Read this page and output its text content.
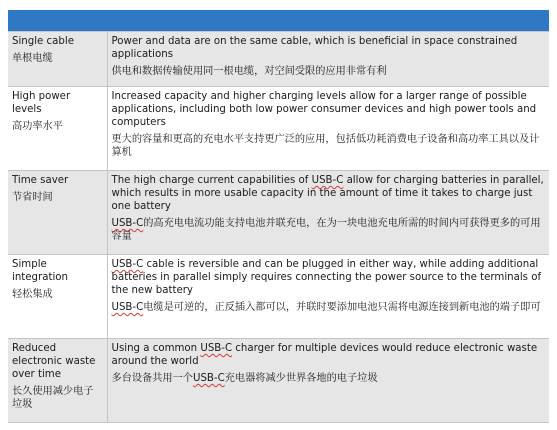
Single cable
单根电缆	Power and data are on the same cable, which is beneficial in space constrained applications
供电和数据传输使用同一根电缆，对空间受限的应用非常有利

High power levels
高功率水平	Increased capacity and higher charging levels allow for a larger range of possible applications, including both low power consumer devices and high power tools and computers
更大的容量和更高的充电水平支持更广泛的应用，包括低功耗消费电子设备和高功率工具以及计算机

Time saver
节省时间	The high charge current capabilities of USB-C allow for charging batteries in parallel, which results in more usable capacity in the amount of time it takes to charge just one battery
USB-C的高充电电流功能支持电池并联充电，在为一块电池充电所需的时间内可获得更多的可用容量

Simple integration
轻松集成	USB-C cable is reversible and can be plugged in either way, while adding additional batteries in parallel simply requires connecting the power source to the terminals of the new battery
USB-C电缆是可逆的，正反插入都可以，并联时要添加电池只需将电源连接到新电池的端子即可

Reduced electronic waste over time
长久使用减少电子垃圾	Using a common USB-C charger for multiple devices would reduce electronic waste around the world
多台设备共用一个USB-C充电器将减少世界各地的电子垃圾
